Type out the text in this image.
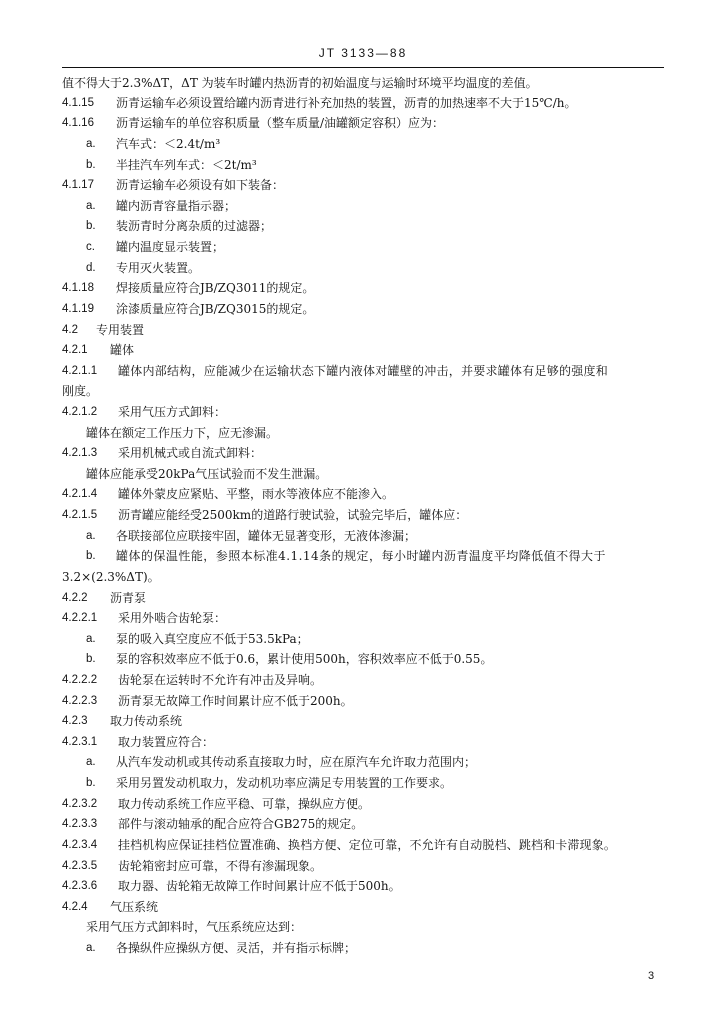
JT 3133—88
值不得大于2.3%ΔT，ΔT 为装车时罐内热沥青的初始温度与运输时环境平均温度的差值。
4.1.15 沥青运输车必须设置给罐内沥青进行补充加热的装置，沥青的加热速率不大于15℃/h。
4.1.16 沥青运输车的单位容积质量（整车质量/油罐额定容积）应为：
a. 汽车式：＜2.4t/m³
b. 半挂汽车列车式：＜2t/m³
4.1.17 沥青运输车必须设有如下装备：
a. 罐内沥青容量指示器；
b. 装沥青时分离杂质的过滤器；
c. 罐内温度显示装置；
d. 专用灭火装置。
4.1.18 焊接质量应符合JB/ZQ3011的规定。
4.1.19 涂漆质量应符合JB/ZQ3015的规定。
4.2 专用装置
4.2.1 罐体
4.2.1.1 罐体内部结构，应能减少在运输状态下罐内液体对罐壁的冲击，并要求罐体有足够的强度和
刚度。
4.2.1.2 采用气压方式卸料：
罐体在额定工作压力下，应无渗漏。
4.2.1.3 采用机械式或自流式卸料：
罐体应能承受20kPa气压试验而不发生泄漏。
4.2.1.4 罐体外蒙皮应紧贴、平整，雨水等液体应不能渗入。
4.2.1.5 沥青罐应能经受2500km的道路行驶试验，试验完毕后，罐体应：
a. 各联接部位应联接牢固，罐体无显著变形，无液体渗漏；
b. 罐体的保温性能，参照本标准4.1.14条的规定，每小时罐内沥青温度平均降低值不得大于
3.2×(2.3%ΔT)。
4.2.2 沥青泵
4.2.2.1 采用外啮合齿轮泵：
a. 泵的吸入真空度应不低于53.5kPa；
b. 泵的容积效率应不低于0.6，累计使用500h，容积效率应不低于0.55。
4.2.2.2 齿轮泵在运转时不允许有冲击及异响。
4.2.2.3 沥青泵无故障工作时间累计应不低于200h。
4.2.3 取力传动系统
4.2.3.1 取力装置应符合：
a. 从汽车发动机或其传动系直接取力时，应在原汽车允许取力范围内；
b. 采用另置发动机取力，发动机功率应满足专用装置的工作要求。
4.2.3.2 取力传动系统工作应平稳、可靠，操纵应方便。
4.2.3.3 部件与滚动轴承的配合应符合GB275的规定。
4.2.3.4 挂档机构应保证挂档位置准确、换档方便、定位可靠，不允许有自动脱档、跳档和卡滞现象。
4.2.3.5 齿轮箱密封应可靠，不得有渗漏现象。
4.2.3.6 取力器、齿轮箱无故障工作时间累计应不低于500h。
4.2.4 气压系统
采用气压方式卸料时，气压系统应达到：
a. 各操纵件应操纵方便、灵活，并有指示标牌；
3
